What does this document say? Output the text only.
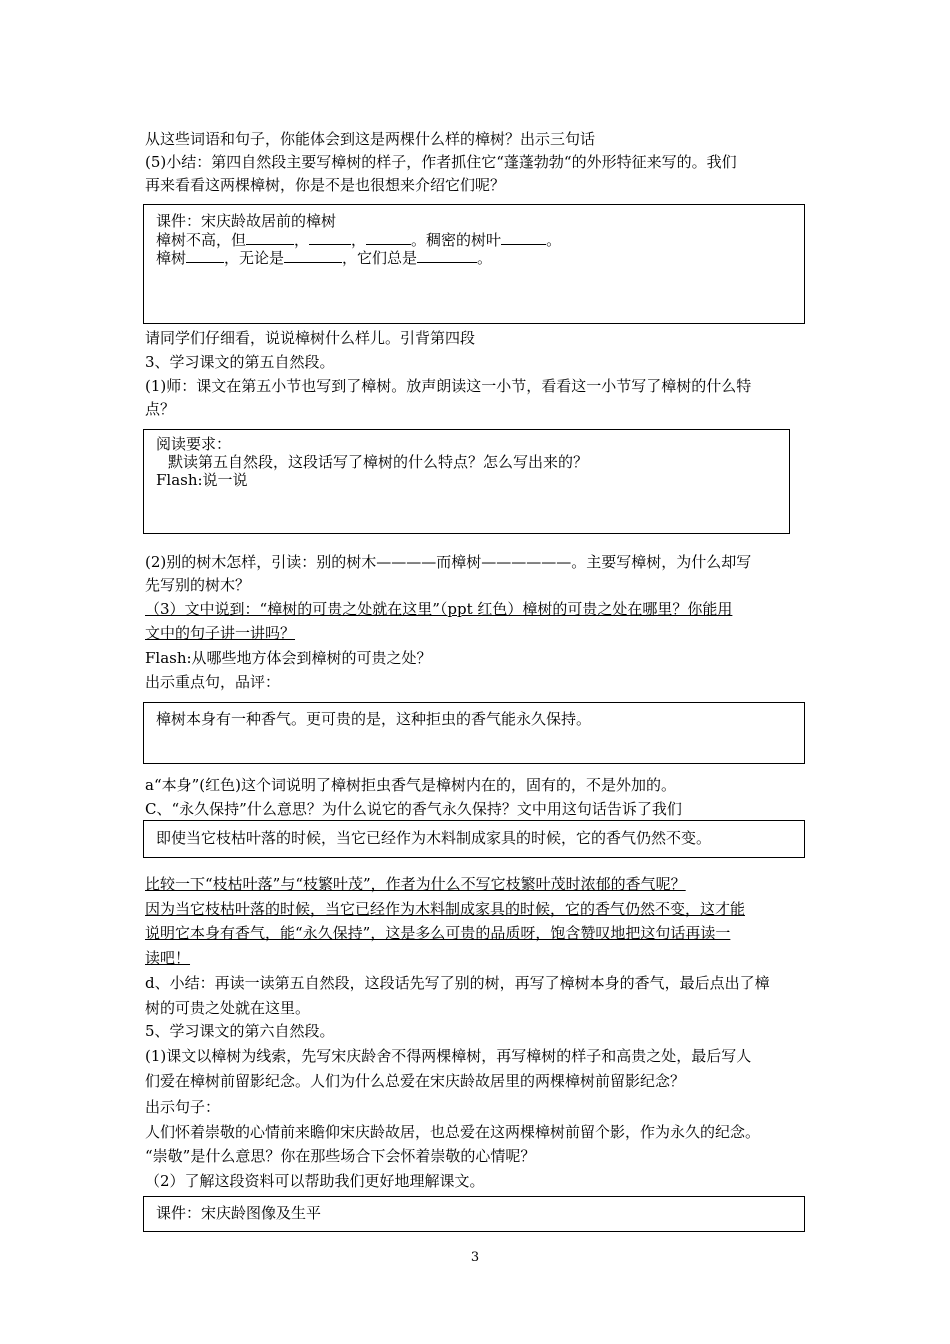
从这些词语和句子，你能体会到这是两棵什么样的樟树？出示三句话
(5)小结：第四自然段主要写樟树的样子，作者抓住它“蓬蓬勃勃“的外形特征来写的。我们
再来看看这两棵樟树，你是不是也很想来介绍它们呢？
课件：宋庆龄故居前的樟树
樟树不高，但	，	，	。稠密的树叶	。
樟树	，无论是	，它们总是	。
请同学们仔细看，说说樟树什么样儿。引背第四段
3、学习课文的第五自然段。
(1)师：课文在第五小节也写到了樟树。放声朗读这一小节，看看这一小节写了樟树的什么特
点？
阅读要求：
默读第五自然段，这段话写了樟树的什么特点？怎么写出来的？
Flash:说一说
(2)别的树木怎样，引读：别的树木————而樟树——————。主要写樟树，为什么却写
先写别的树木？
（3）文中说到：“樟树的可贵之处就在这里”（ppt 红色）樟树的可贵之处在哪里？你能用
文中的句子讲一讲吗？
Flash:从哪些地方体会到樟树的可贵之处？
出示重点句，品评：
樟树本身有一种香气。更可贵的是，这种拒虫的香气能永久保持。
a“本身”(红色)这个词说明了樟树拒虫香气是樟树内在的，固有的，不是外加的。
C、“永久保持”什么意思？为什么说它的香气永久保持？文中用这句话告诉了我们
即使当它枝枯叶落的时候，当它已经作为木料制成家具的时候，它的香气仍然不变。
比较一下“枝枯叶落”与“枝繁叶茂”，作者为什么不写它枝繁叶茂时浓郁的香气呢？
因为当它枝枯叶落的时候，当它已经作为木料制成家具的时候，它的香气仍然不变，这才能
说明它本身有香气，能“永久保持”，这是多么可贵的品质呀，饱含赞叹地把这句话再读一
读吧！
d、小结：再读一读第五自然段，这段话先写了别的树，再写了樟树本身的香气，最后点出了樟
树的可贵之处就在这里。
5、学习课文的第六自然段。
(1)课文以樟树为线索，先写宋庆龄舍不得两棵樟树，再写樟树的样子和高贵之处，最后写人
们爱在樟树前留影纪念。人们为什么总爱在宋庆龄故居里的两棵樟树前留影纪念？
出示句子：
人们怀着崇敬的心情前来瞻仰宋庆龄故居，也总爱在这两棵樟树前留个影，作为永久的纪念。
“崇敬”是什么意思？你在那些场合下会怀着崇敬的心情呢？
（2）了解这段资料可以帮助我们更好地理解课文。
课件：宋庆龄图像及生平
3
